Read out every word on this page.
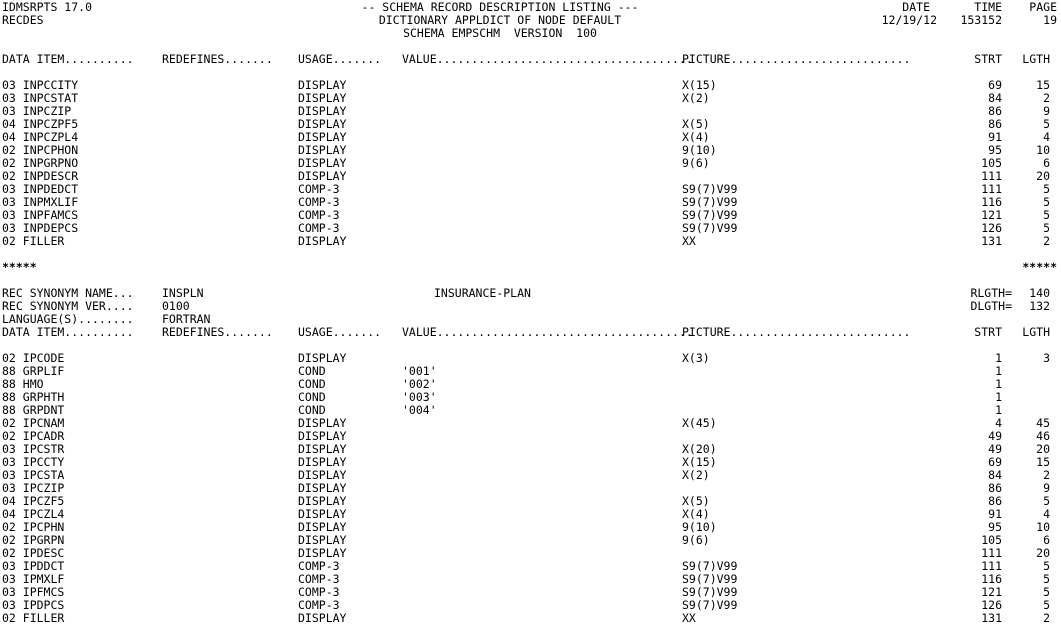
IDMSRPTS 17.0	-- SCHEMA RECORD DESCRIPTION LISTING ---	DATE	TIME	PAGE
RECDES	DICTIONARY APPLDICT OF NODE DEFAULT	12/19/12	153152	19
SCHEMA EMPSCHM  VERSION  100
DATA ITEM.......... REDEFINES....... USAGE....... VALUE.....................................
PICTURE..........................	STRT	LGTH
03 INPCCITY	DISPLAY	X(15)	69	15
03 INPCSTAT	DISPLAY	X(2)	84	2
03 INPCZIP	DISPLAY	86	9
04 INPCZPF5	DISPLAY	X(5)	86	5
04 INPCZPL4	DISPLAY	X(4)	91	4
02 INPCPHON	DISPLAY	9(10)	95	10
02 INPGRPNO	DISPLAY	9(6)	105	6
02 INPDESCR	DISPLAY	111	20
03 INPDEDCT	COMP-3	S9(7)V99	111	5
03 INPMXLIF	COMP-3	S9(7)V99	116	5
03 INPFAMCS	COMP-3	S9(7)V99	121	5
03 INPDEPCS	COMP-3	S9(7)V99	126	5
02 FILLER	DISPLAY	XX	131	2
*****	*****
REC SYNONYM NAME... INSPLN	INSURANCE-PLAN	RLGTH=	140
REC SYNONYM VER.... 0100	DLGTH=	132
LANGUAGE(S)........ FORTRAN
DATA ITEM.......... REDEFINES....... USAGE....... VALUE.....................................
PICTURE..........................	STRT	LGTH
02 IPCODE	DISPLAY	X(3)	1	3
88 GRPLIF	COND	'001'	1
88 HMO	COND	'002'	1
88 GRPHTH	COND	'003'	1
88 GRPDNT	COND	'004'	1
02 IPCNAM	DISPLAY	X(45)	4	45
02 IPCADR	DISPLAY	49	46
03 IPCSTR	DISPLAY	X(20)	49	20
03 IPCCTY	DISPLAY	X(15)	69	15
03 IPCSTA	DISPLAY	X(2)	84	2
03 IPCZIP	DISPLAY	86	9
04 IPCZF5	DISPLAY	X(5)	86	5
04 IPCZL4	DISPLAY	X(4)	91	4
02 IPCPHN	DISPLAY	9(10)	95	10
02 IPGRPN	DISPLAY	9(6)	105	6
02 IPDESC	DISPLAY	111	20
03 IPDDCT	COMP-3	S9(7)V99	111	5
03 IPMXLF	COMP-3	S9(7)V99	116	5
03 IPFMCS	COMP-3	S9(7)V99	121	5
03 IPDPCS	COMP-3	S9(7)V99	126	5
02 FILLER	DISPLAY	XX	131	2
